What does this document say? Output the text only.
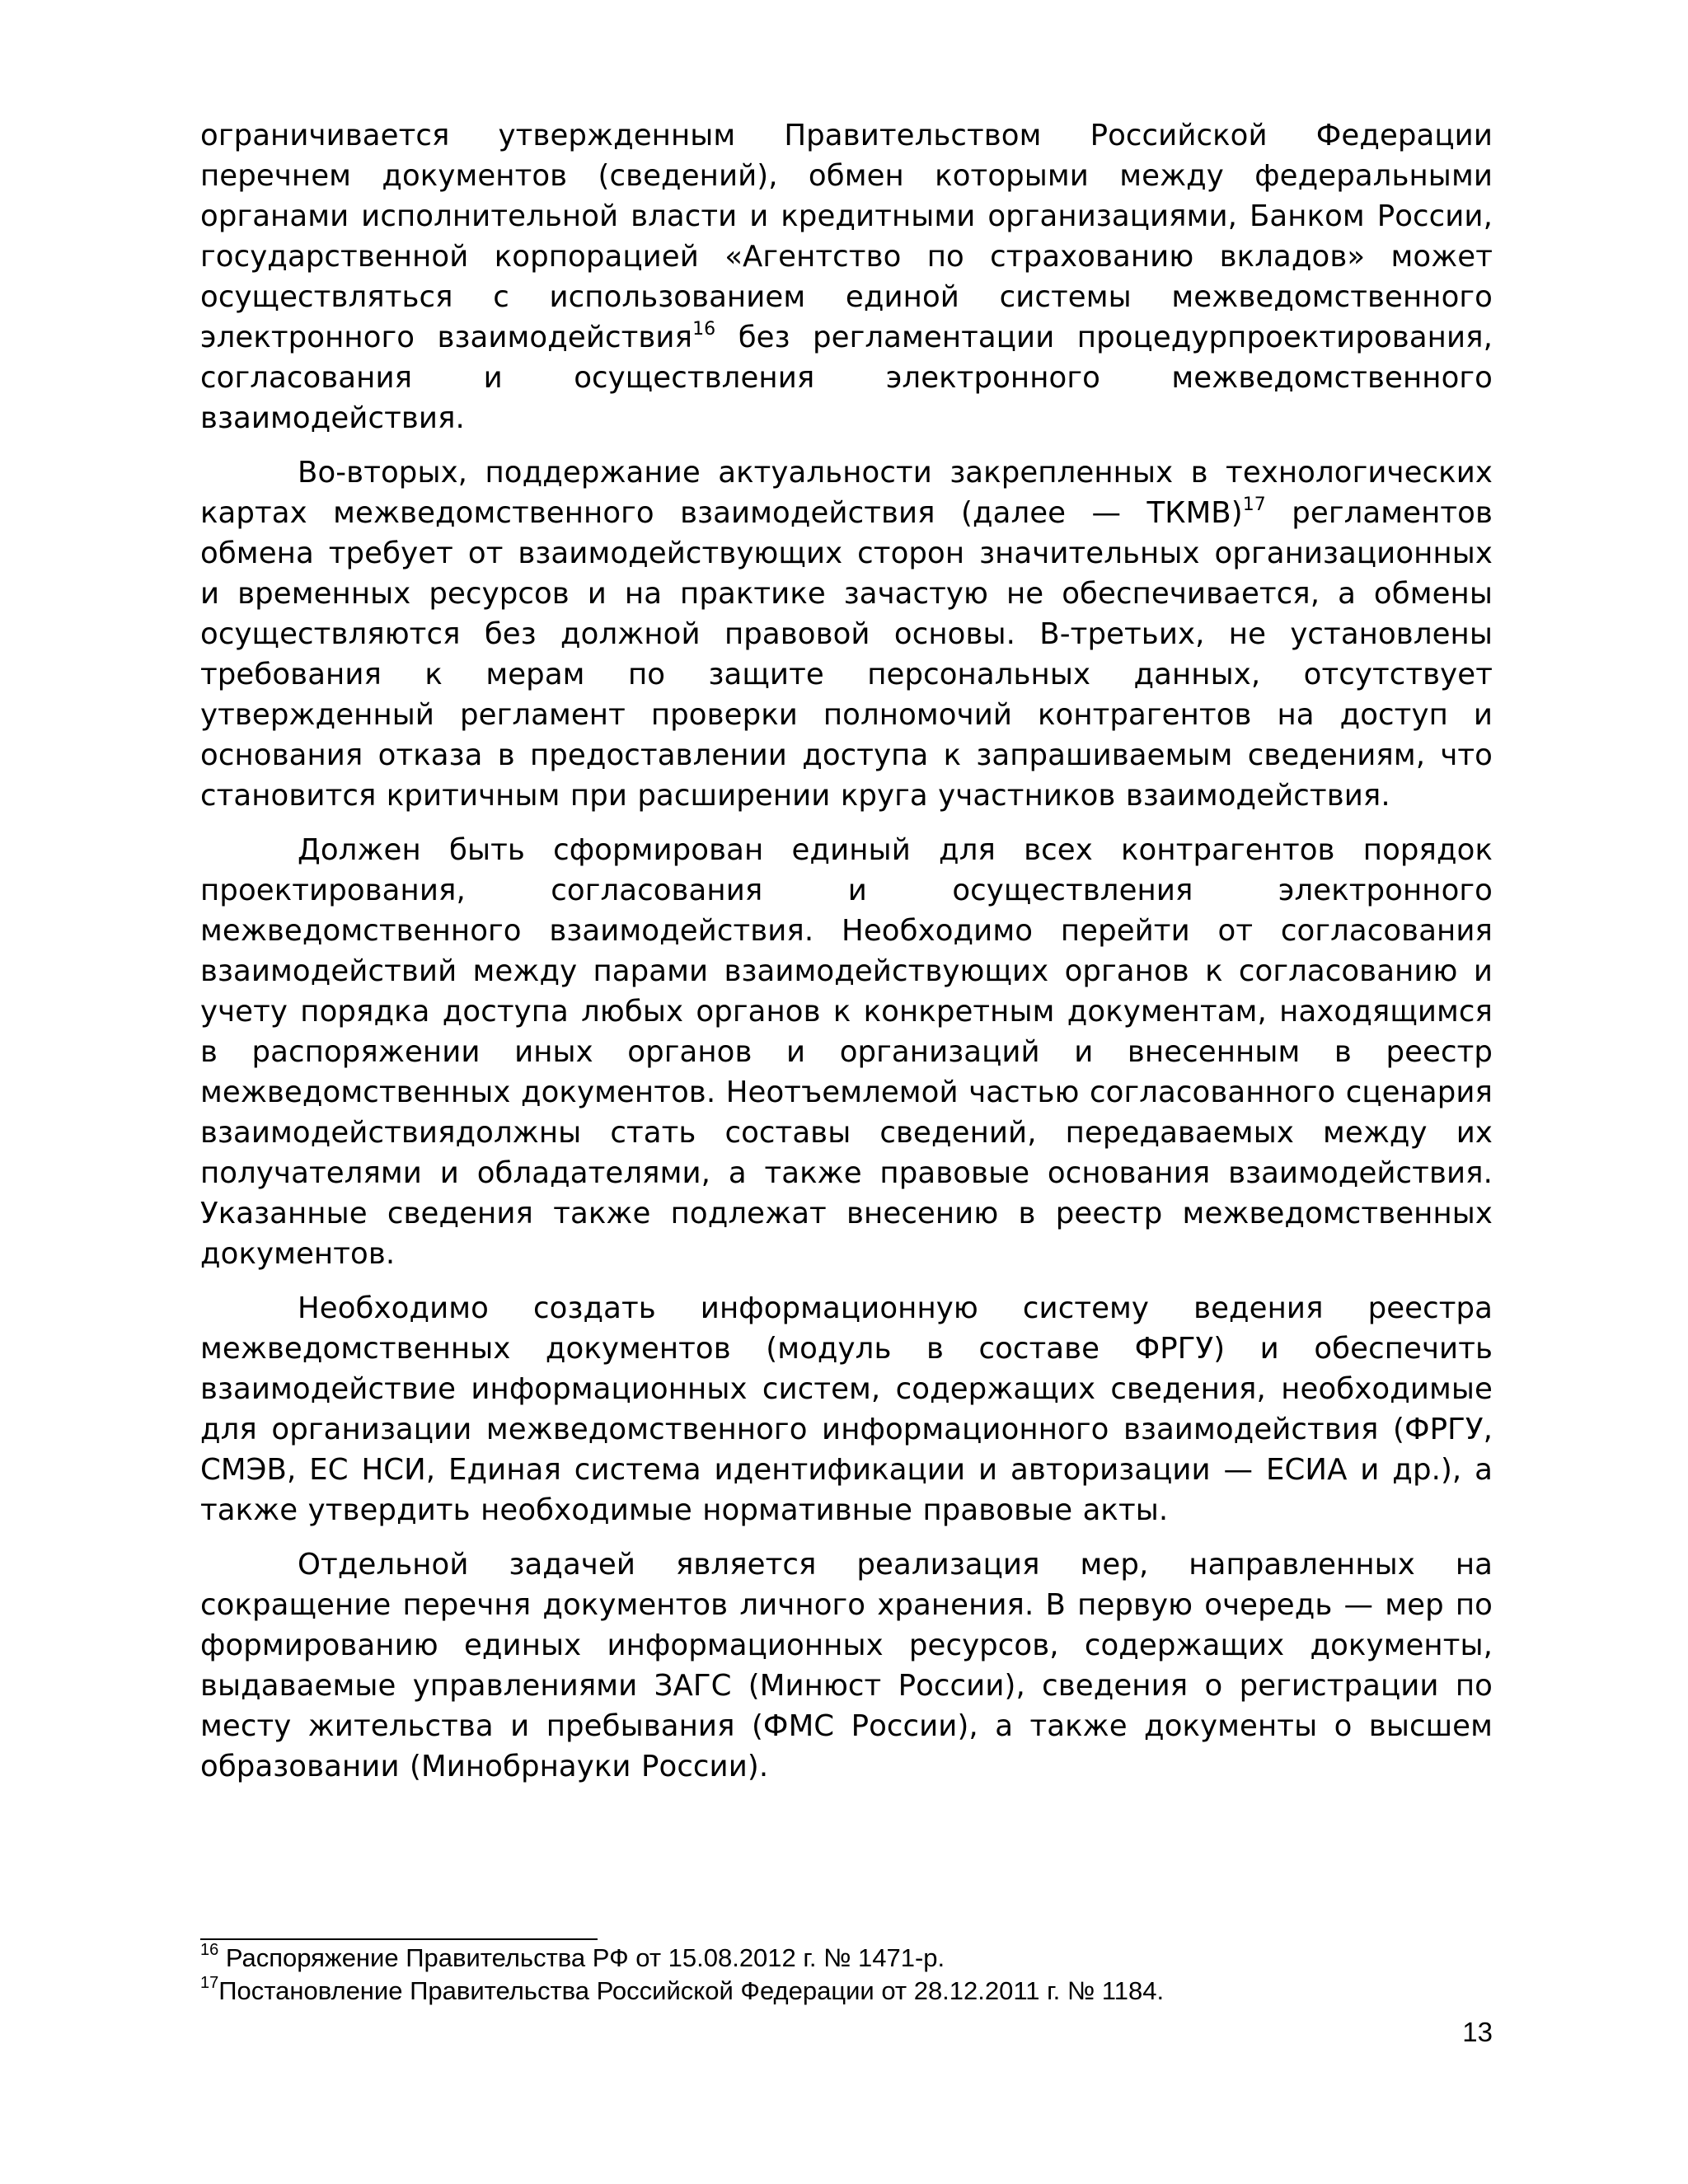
ограничивается утвержденным Правительством Российской Федерации перечнем документов (сведений), обмен которыми между федеральными органами исполнительной власти и кредитными организациями, Банком России, государственной корпорацией «Агентство по страхованию вкладов» может осуществляться с использованием единой системы межведомственного электронного взаимодействия$^{16}$ без регламентации процедурпроектирования, согласования и осуществления электронного межведомственного взаимодействия.

Во-вторых, поддержание актуальности закрепленных в технологических картах межведомственного взаимодействия (далее — ТКМВ)$^{17}$ регламентов обмена требует от взаимодействующих сторон значительных организационных и временных ресурсов и на практике зачастую не обеспечивается, а обмены осуществляются без должной правовой основы. В-третьих, не установлены требования к мерам по защите персональных данных, отсутствует утвержденный регламент проверки полномочий контрагентов на доступ и основания отказа в предоставлении доступа к запрашиваемым сведениям, что становится критичным при расширении круга участников взаимодействия.

Должен быть сформирован единый для всех контрагентов порядок проектирования, согласования и осуществления электронного межведомственного взаимодействия. Необходимо перейти от согласования взаимодействий между парами взаимодействующих органов к согласованию и учету порядка доступа любых органов к конкретным документам, находящимся в распоряжении иных органов и организаций и внесенным в реестр межведомственных документов. Неотъемлемой частью согласованного сценария взаимодействиядолжны стать составы сведений, передаваемых между их получателями и обладателями, а также правовые основания взаимодействия. Указанные сведения также подлежат внесению в реестр межведомственных документов.

Необходимо создать информационную систему ведения реестра межведомственных документов (модуль в составе ФРГУ) и обеспечить взаимодействие информационных систем, содержащих сведения, необходимые для организации межведомственного информационного взаимодействия (ФРГУ, СМЭВ, ЕС НСИ, Единая система идентификации и авторизации — ЕСИА и др.), а также утвердить необходимые нормативные правовые акты.

Отдельной задачей является реализация мер, направленных на сокращение перечня документов личного хранения. В первую очередь — мер по формированию единых информационных ресурсов, содержащих документы, выдаваемые управлениями ЗАГС (Минюст России), сведения о регистрации по месту жительства и пребывания (ФМС России), а также документы о высшем образовании (Минобрнауки России).

$^{16}$ Распоряжение Правительства РФ от 15.08.2012 г. № 1471-р.
$^{17}$Постановление Правительства Российской Федерации от 28.12.2011 г. № 1184.
13
